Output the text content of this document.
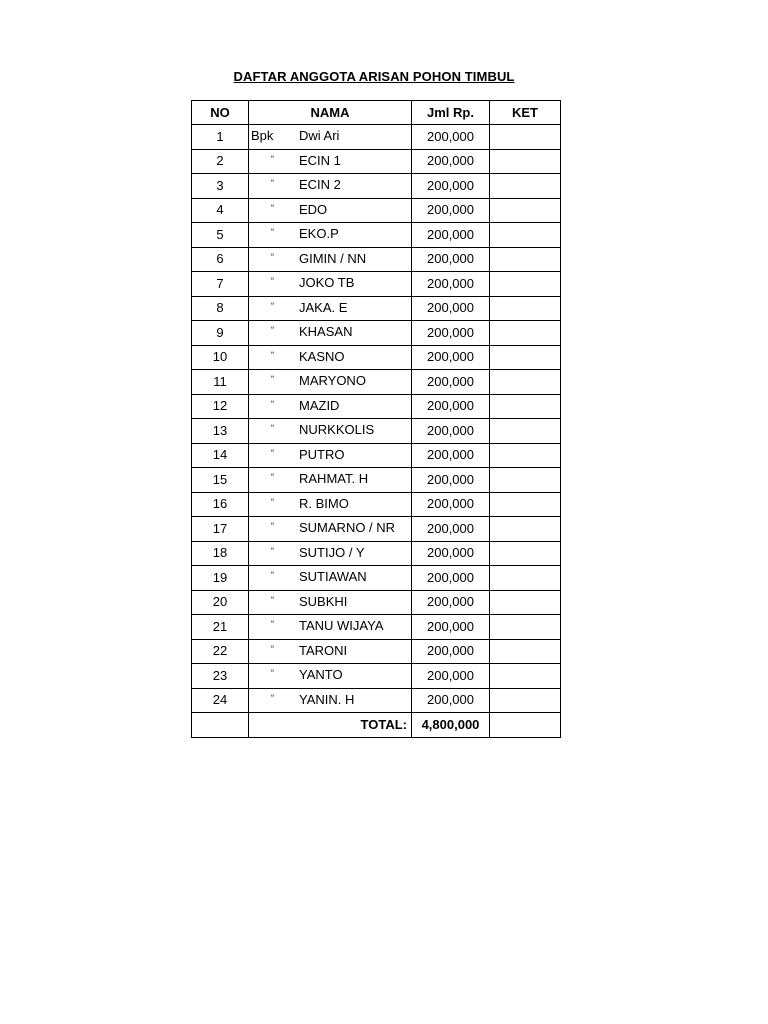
DAFTAR ANGGOTA ARISAN POHON TIMBUL
NO	NAMA	Jml Rp.	KET
1	Bpk Dwi Ari	200,000	
2	“ ECIN 1	200,000	
3	“ ECIN 2	200,000	
4	“ EDO	200,000	
5	“ EKO.P	200,000	
6	“ GIMIN / NN	200,000	
7	“ JOKO TB	200,000	
8	“ JAKA. E	200,000	
9	“ KHASAN	200,000	
10	“ KASNO	200,000	
11	“ MARYONO	200,000	
12	“ MAZID	200,000	
13	“ NURKKOLIS	200,000	
14	“ PUTRO	200,000	
15	“ RAHMAT. H	200,000	
16	“ R. BIMO	200,000	
17	“ SUMARNO / NR	200,000	
18	“ SUTIJO / Y	200,000	
19	“ SUTIAWAN	200,000	
20	“ SUBKHI	200,000	
21	“ TANU WIJAYA	200,000	
22	“ TARONI	200,000	
23	“ YANTO	200,000	
24	“ YANIN. H	200,000	
	TOTAL:	4,800,000	
